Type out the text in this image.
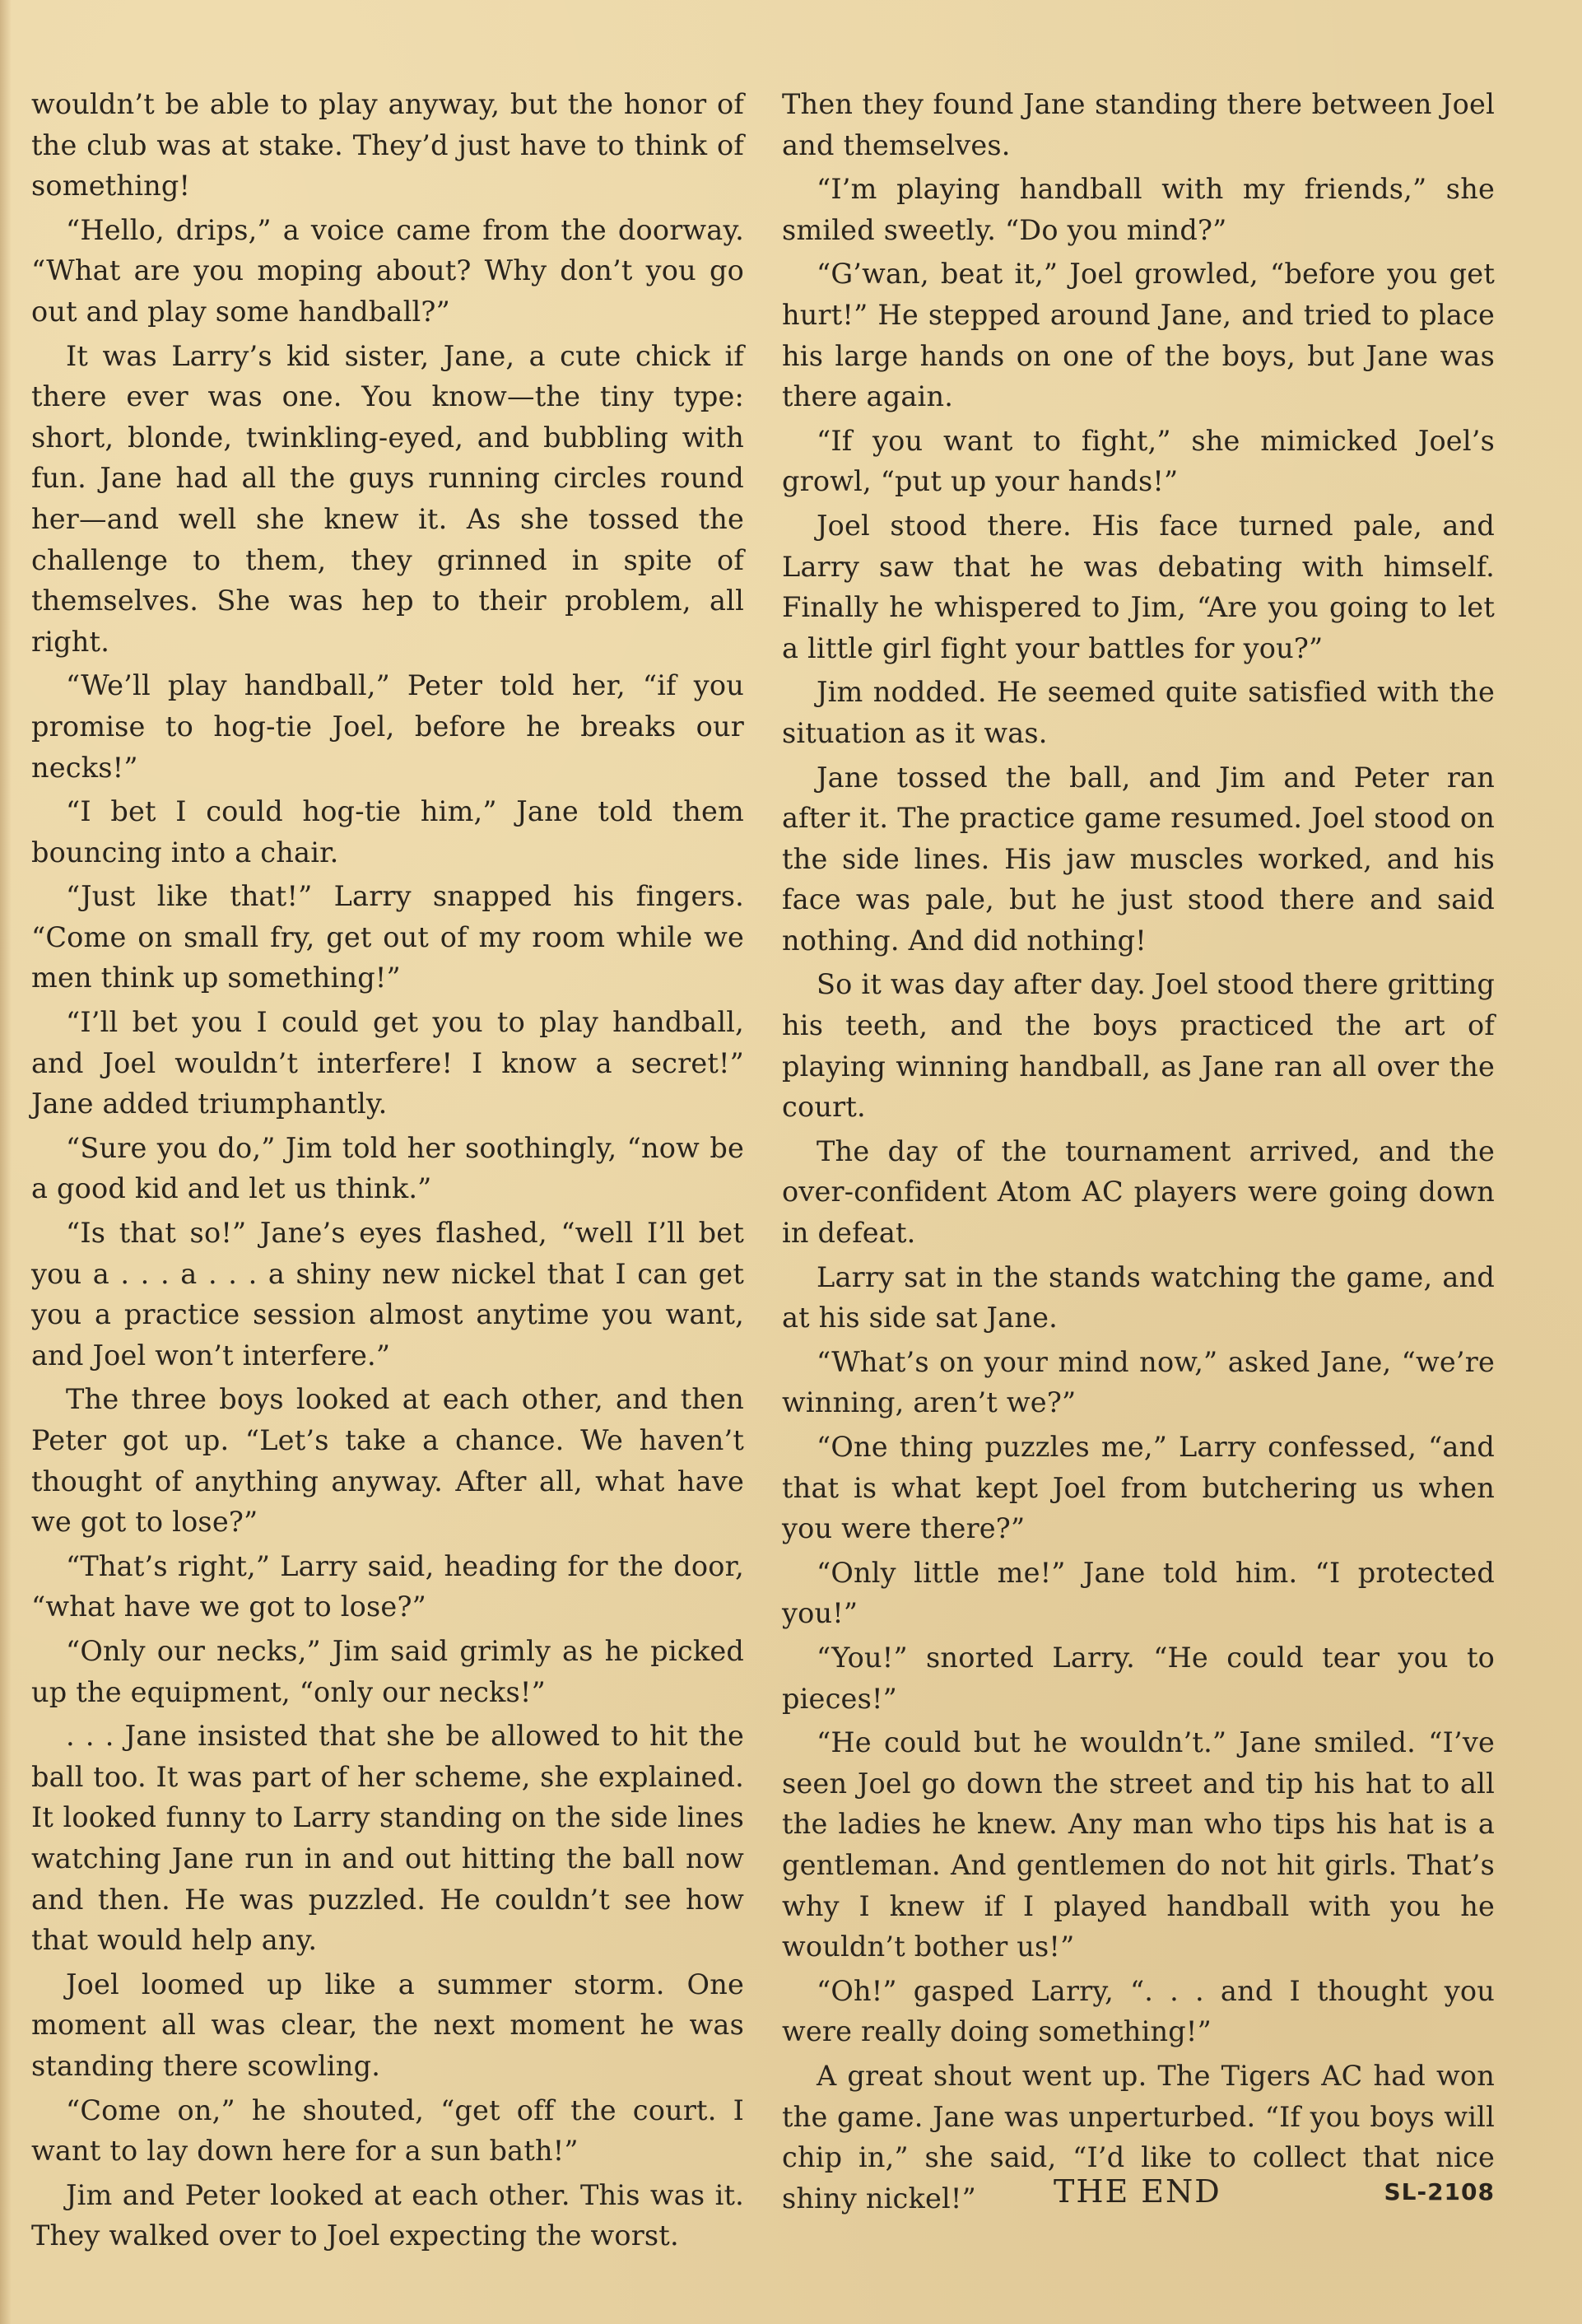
wouldn’t be able to play anyway, but the honor of the club was at stake. They’d just have to think of something!

“Hello, drips,” a voice came from the doorway. “What are you moping about? Why don’t you go out and play some handball?”

It was Larry’s kid sister, Jane, a cute chick if there ever was one. You know—the tiny type: short, blonde, twinkling-eyed, and bubbling with fun. Jane had all the guys running circles round her—and well she knew it. As she tossed the challenge to them, they grinned in spite of themselves. She was hep to their problem, all right.

“We’ll play handball,” Peter told her, “if you promise to hog-tie Joel, before he breaks our necks!”

“I bet I could hog-tie him,” Jane told them bouncing into a chair.

“Just like that!” Larry snapped his fingers. “Come on small fry, get out of my room while we men think up something!”

“I’ll bet you I could get you to play handball, and Joel wouldn’t interfere! I know a secret!” Jane added triumphantly.

“Sure you do,” Jim told her soothingly, “now be a good kid and let us think.”

“Is that so!” Jane’s eyes flashed, “well I’ll bet you a . . . a . . . a shiny new nickel that I can get you a practice session almost anytime you want, and Joel won’t interfere.”

The three boys looked at each other, and then Peter got up. “Let’s take a chance. We haven’t thought of anything anyway. After all, what have we got to lose?”

“That’s right,” Larry said, heading for the door, “what have we got to lose?”

“Only our necks,” Jim said grimly as he picked up the equipment, “only our necks!”

. . . Jane insisted that she be allowed to hit the ball too. It was part of her scheme, she explained. It looked funny to Larry standing on the side lines watching Jane run in and out hitting the ball now and then. He was puzzled. He couldn’t see how that would help any.

Joel loomed up like a summer storm. One moment all was clear, the next moment he was standing there scowling.

“Come on,” he shouted, “get off the court. I want to lay down here for a sun bath!”

Jim and Peter looked at each other. This was it. They walked over to Joel expecting the worst.

Then they found Jane standing there between Joel and themselves.

“I’m playing handball with my friends,” she smiled sweetly. “Do you mind?”

“G’wan, beat it,” Joel growled, “before you get hurt!” He stepped around Jane, and tried to place his large hands on one of the boys, but Jane was there again.

“If you want to fight,” she mimicked Joel’s growl, “put up your hands!”

Joel stood there. His face turned pale, and Larry saw that he was debating with himself. Finally he whispered to Jim, “Are you going to let a little girl fight your battles for you?”

Jim nodded. He seemed quite satisfied with the situation as it was.

Jane tossed the ball, and Jim and Peter ran after it. The practice game resumed. Joel stood on the side lines. His jaw muscles worked, and his face was pale, but he just stood there and said nothing. And did nothing!

So it was day after day. Joel stood there gritting his teeth, and the boys practiced the art of playing winning handball, as Jane ran all over the court.

The day of the tournament arrived, and the over-confident Atom AC players were going down in defeat.

Larry sat in the stands watching the game, and at his side sat Jane.

“What’s on your mind now,” asked Jane, “we’re winning, aren’t we?”

“One thing puzzles me,” Larry confessed, “and that is what kept Joel from butchering us when you were there?”

“Only little me!” Jane told him. “I protected you!”

“You!” snorted Larry. “He could tear you to pieces!”

“He could but he wouldn’t.” Jane smiled. “I’ve seen Joel go down the street and tip his hat to all the ladies he knew. Any man who tips his hat is a gentleman. And gentlemen do not hit girls. That’s why I knew if I played handball with you he wouldn’t bother us!”

“Oh!” gasped Larry, “. . . and I thought you were really doing something!”

A great shout went up. The Tigers AC had won the game. Jane was unperturbed. “If you boys will chip in,” she said, “I’d like to collect that nice shiny nickel!”	THE END	SL-2108
